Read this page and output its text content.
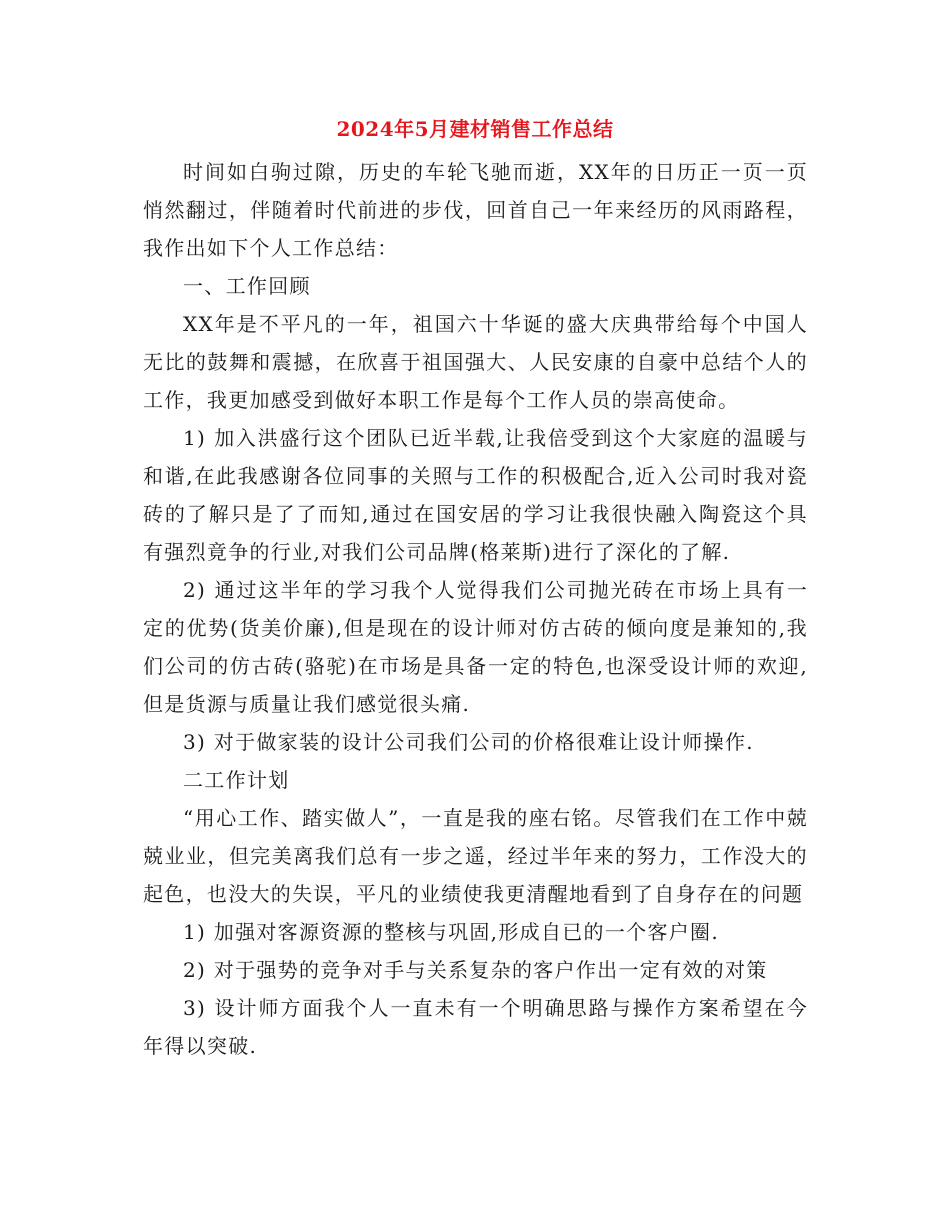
2024年5月建材销售工作总结

时间如白驹过隙，历史的车轮飞驰而逝，XX年的日历正一页一页悄然翻过，伴随着时代前进的步伐，回首自己一年来经历的风雨路程，我作出如下个人工作总结：

一、工作回顾

XX年是不平凡的一年，祖国六十华诞的盛大庆典带给每个中国人无比的鼓舞和震撼，在欣喜于祖国强大、人民安康的自豪中总结个人的工作，我更加感受到做好本职工作是每个工作人员的崇高使命。

1) 加入洪盛行这个团队已近半载,让我倍受到这个大家庭的温暖与和谐,在此我感谢各位同事的关照与工作的积极配合,近入公司时我对瓷砖的了解只是了了而知,通过在国安居的学习让我很快融入陶瓷这个具有强烈竟争的行业,对我们公司品牌(格莱斯)进行了深化的了解.

2) 通过这半年的学习我个人觉得我们公司抛光砖在市场上具有一定的优势(货美价廉),但是现在的设计师对仿古砖的倾向度是兼知的,我们公司的仿古砖(骆驼)在市场是具备一定的特色,也深受设计师的欢迎,但是货源与质量让我们感觉很头痛.

3) 对于做家装的设计公司我们公司的价格很难让设计师操作.

二工作计划

“用心工作、踏实做人”，一直是我的座右铭。尽管我们在工作中兢兢业业，但完美离我们总有一步之遥，经过半年来的努力，工作没大的起色，也没大的失误，平凡的业绩使我更清醒地看到了自身存在的问题

1) 加强对客源资源的整核与巩固,形成自已的一个客户圈.

2) 对于强势的竞争对手与关系复杂的客户作出一定有效的对策

3) 设计师方面我个人一直未有一个明确思路与操作方案希望在今年得以突破.
